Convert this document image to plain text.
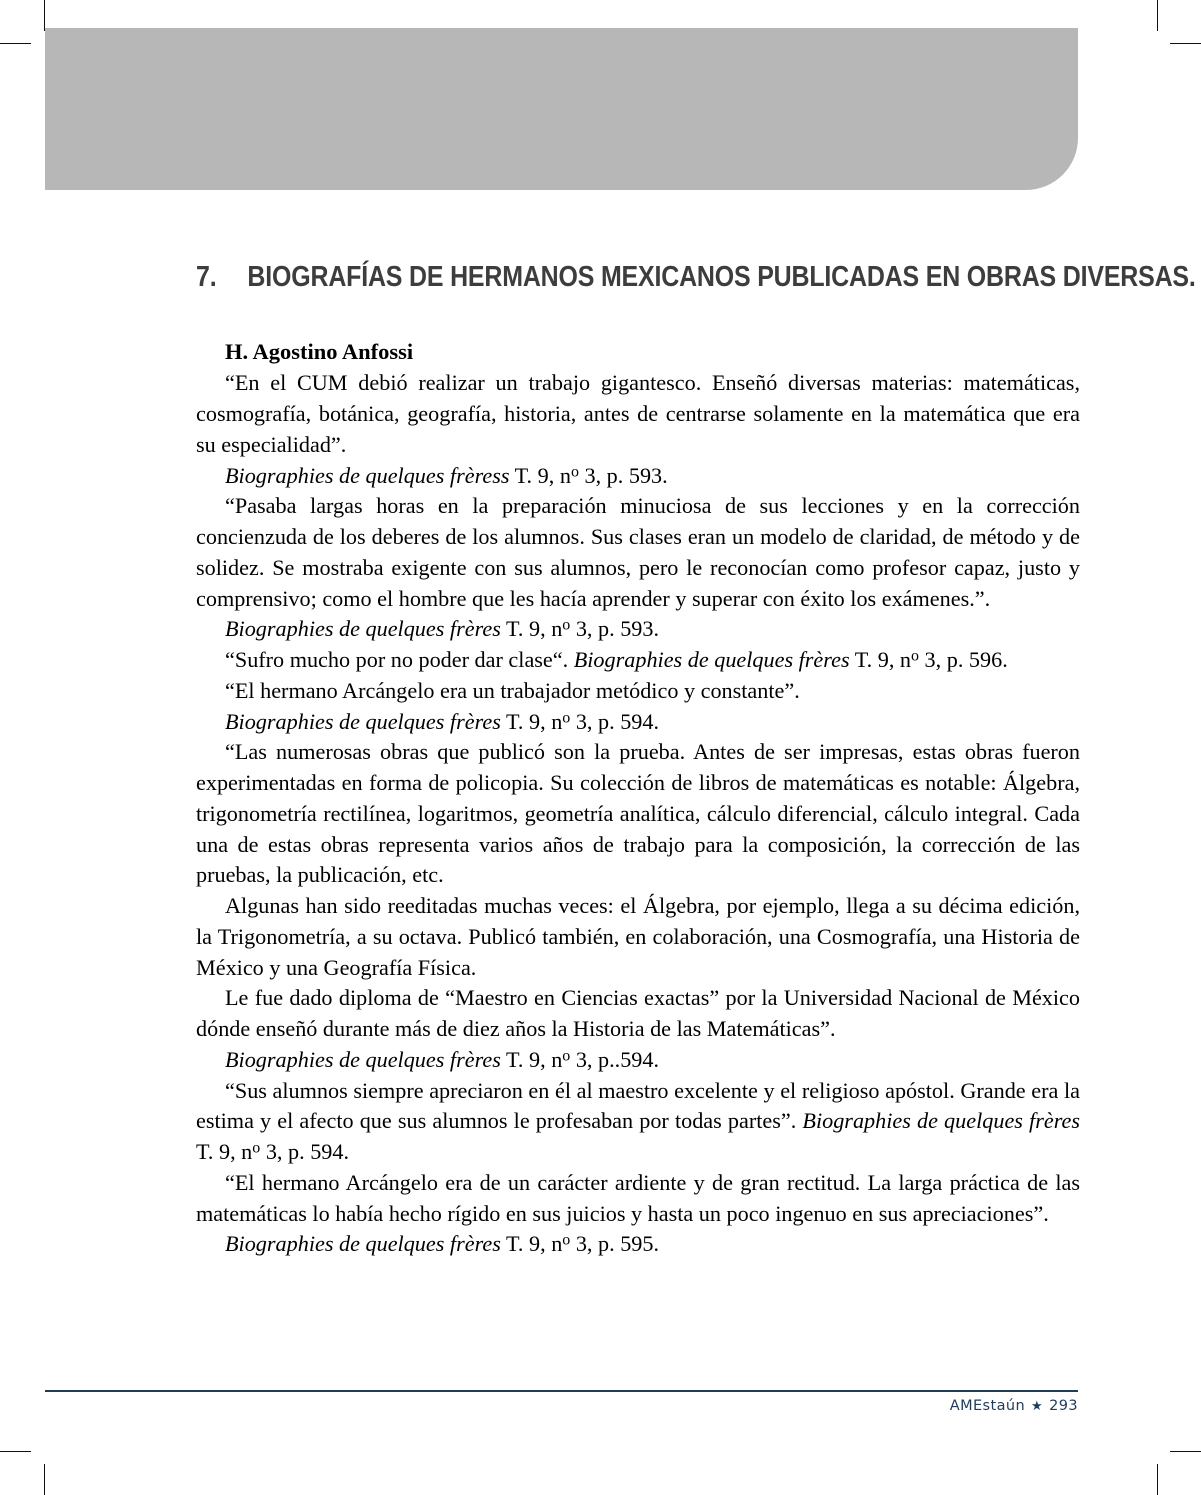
7. BIOGRAFÍAS DE HERMANOS MEXICANOS PUBLICADAS EN OBRAS DIVERSAS.
H. Agostino Anfossi

“En el CUM debió realizar un trabajo gigantesco. Enseñó diversas materias: matemáticas, cosmografía, botánica, geografía, historia, antes de centrarse solamente en la matemática que era su especialidad”.

Biographies de quelques frèress T. 9, $n^o$ 3, p. 593.

“Pasaba largas horas en la preparación minuciosa de sus lecciones y en la corrección concienzuda de los deberes de los alumnos. Sus clases eran un modelo de claridad, de método y de solidez. Se mostraba exigente con sus alumnos, pero le reconocían como profesor capaz, justo y comprensivo; como el hombre que les hacía aprender y superar con éxito los exámenes.”.

Biographies de quelques frères T. 9, $n^o$ 3, p. 593.

“Sufro mucho por no poder dar clase“. Biographies de quelques frères T. 9, $n^o$ 3, p. 596.

“El hermano Arcángelo era un trabajador metódico y constante”.

Biographies de quelques frères T. 9, $n^o$ 3, p. 594.

“Las numerosas obras que publicó son la prueba. Antes de ser impresas, estas obras fueron experimentadas en forma de policopia. Su colección de libros de matemáticas es notable: Álgebra, trigonometría rectilínea, logaritmos, geometría analítica, cálculo diferencial, cálculo integral. Cada una de estas obras representa varios años de trabajo para la composición, la corrección de las pruebas, la publicación, etc.

Algunas han sido reeditadas muchas veces: el Álgebra, por ejemplo, llega a su décima edición, la Trigonometría, a su octava. Publicó también, en colaboración, una Cosmografía, una Historia de México y una Geografía Física.

Le fue dado diploma de “Maestro en Ciencias exactas” por la Universidad Nacional de México dónde enseñó durante más de diez años la Historia de las Matemáticas”.

Biographies de quelques frères T. 9, $n^o$ 3, p..594.

“Sus alumnos siempre apreciaron en él al maestro excelente y el religioso apóstol. Grande era la estima y el afecto que sus alumnos le profesaban por todas partes”. Biographies de quelques frères T. 9, $n^o$ 3, p. 594.

“El hermano Arcángelo era de un carácter ardiente y de gran rectitud. La larga práctica de las matemáticas lo había hecho rígido en sus juicios y hasta un poco ingenuo en sus apreciaciones”.

Biographies de quelques frères T. 9, $n^o$ 3, p. 595.

AMEstaún ★ 293
